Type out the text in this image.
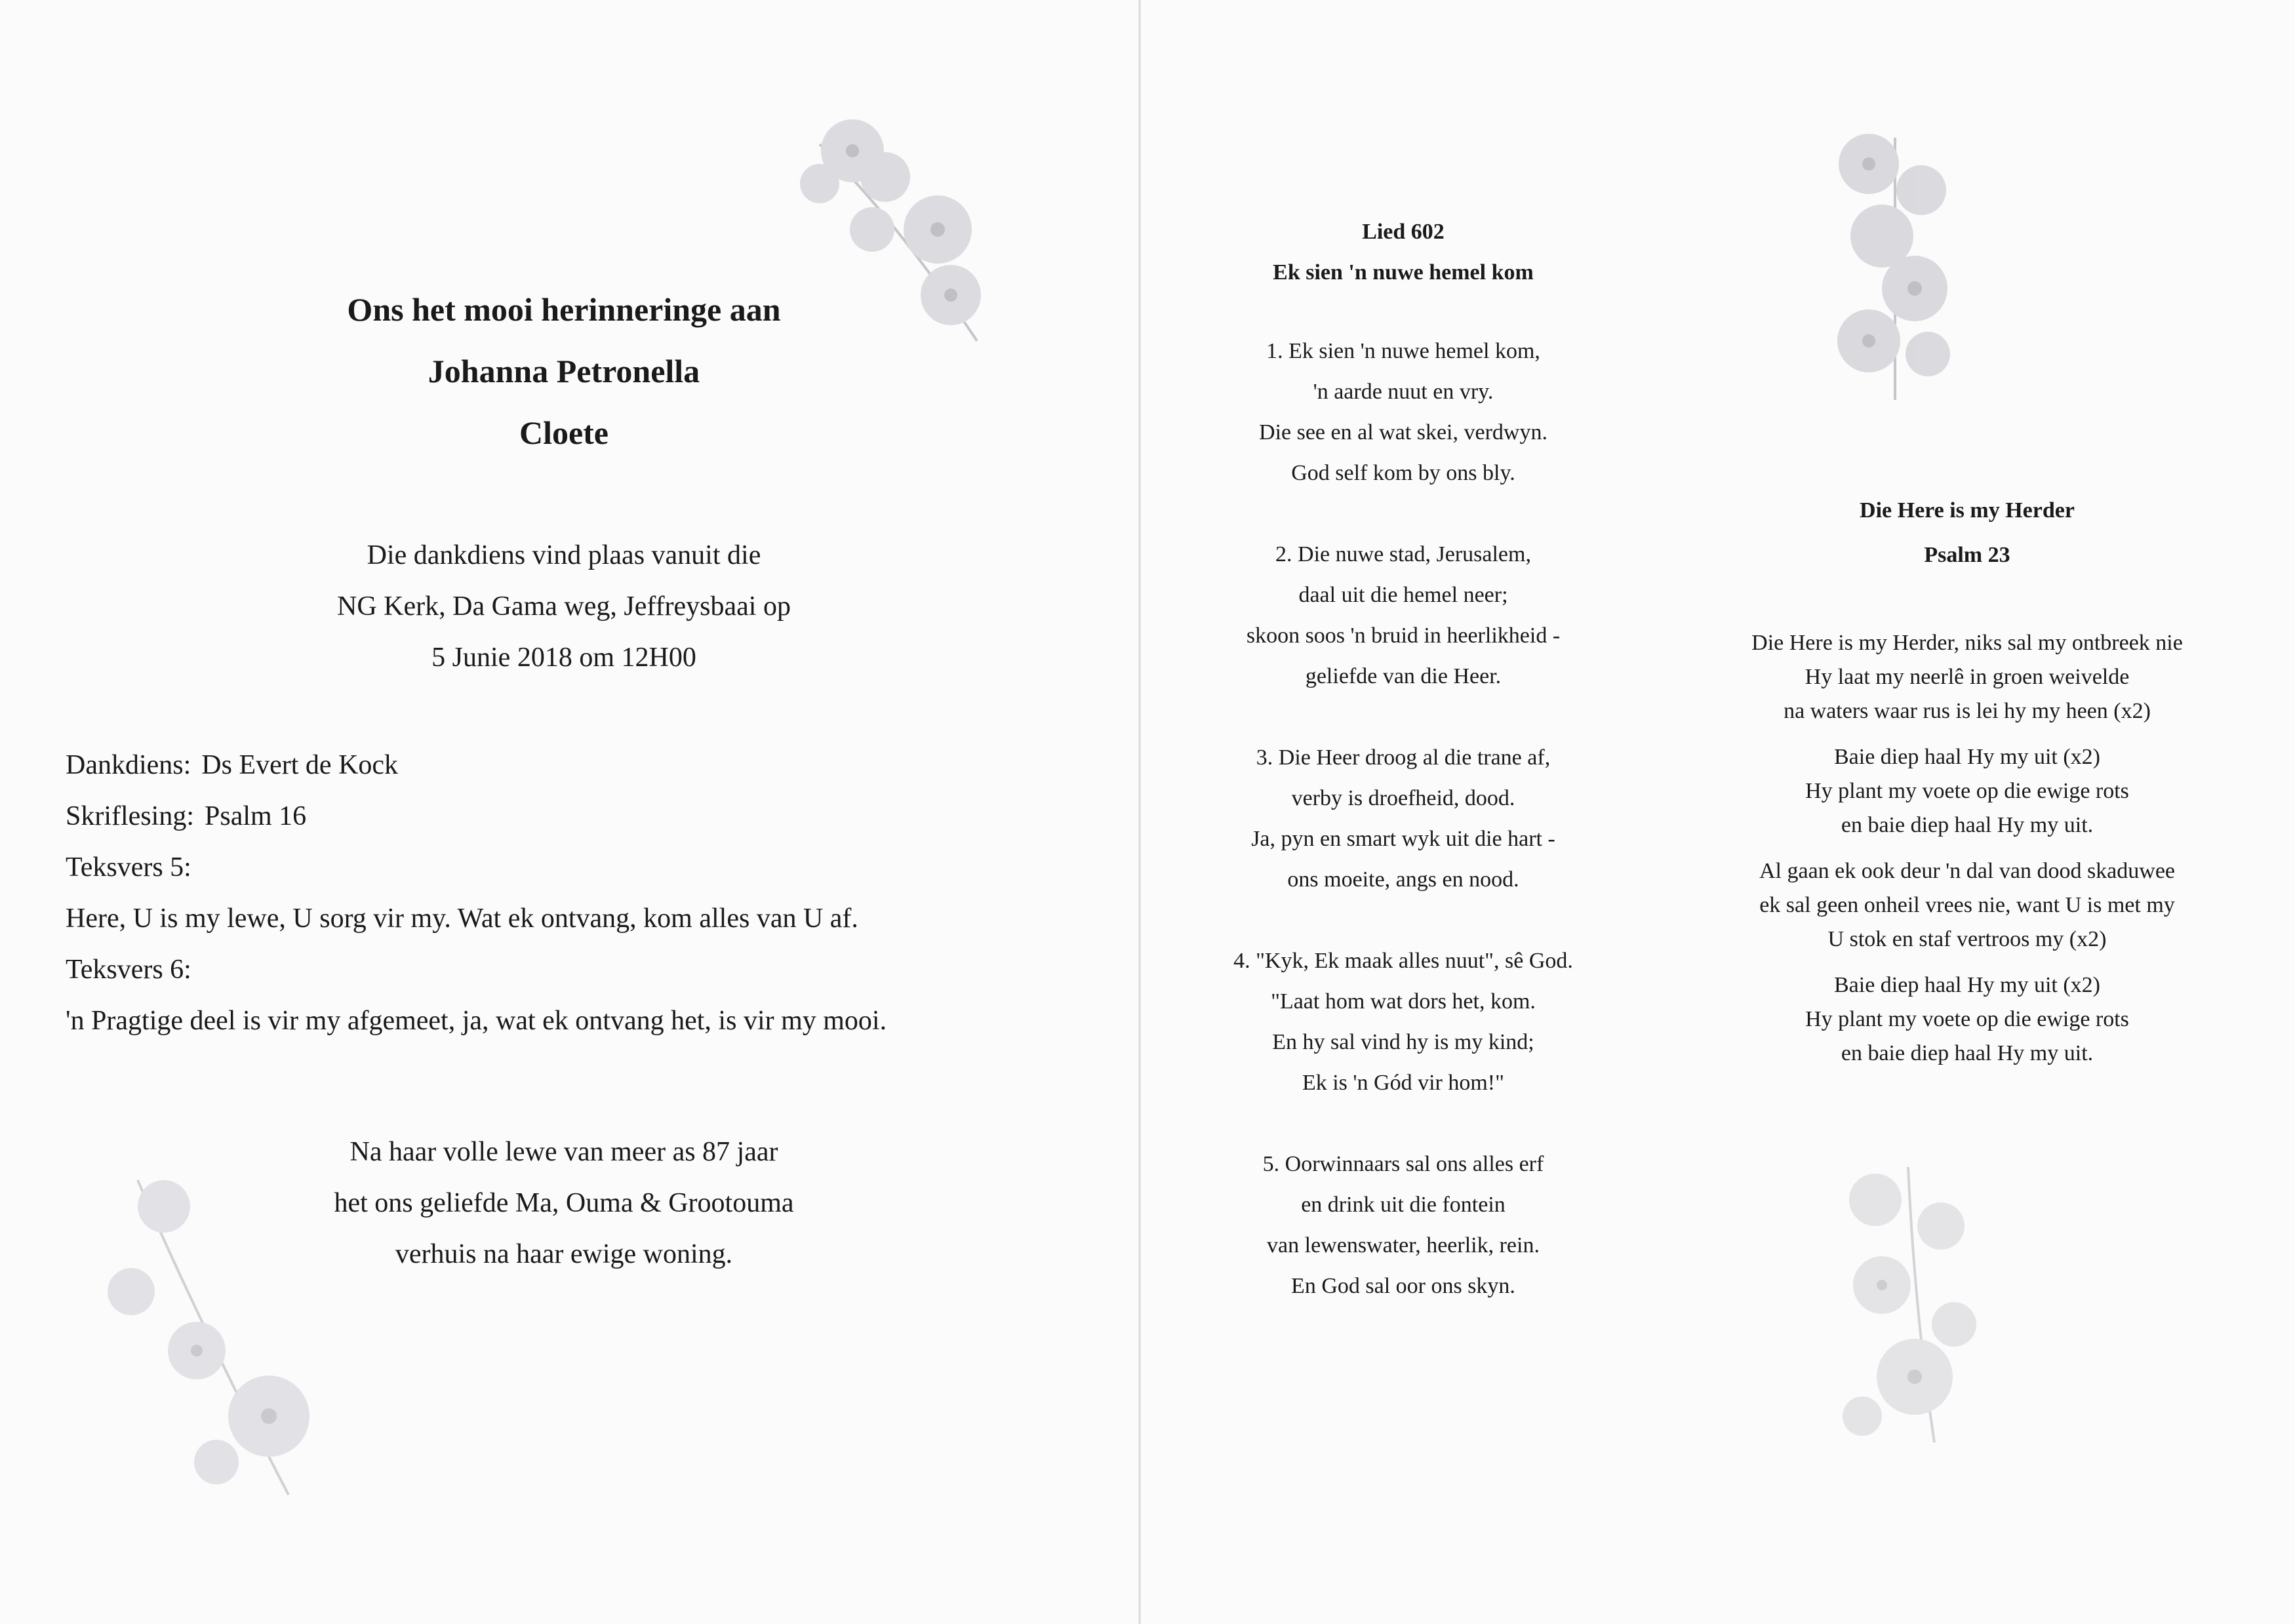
Ons het mooi herinneringe aan
Johanna Petronella
Cloete
Die dankdiens vind plaas vanuit die
NG Kerk, Da Gama weg, Jeffreysbaai op
5 Junie 2018 om 12H00
Dankdiens: Ds Evert de Kock
Skriflesing: Psalm 16
Teksvers 5:
Here, U is my lewe, U sorg vir my. Wat ek ontvang, kom alles van U af.
Teksvers 6:
'n Pragtige deel is vir my afgemeet, ja, wat ek ontvang het, is vir my mooi.
Na haar volle lewe van meer as 87 jaar
het ons geliefde Ma, Ouma & Grootouma
verhuis na haar ewige woning.
Lied 602
Ek sien 'n nuwe hemel kom
1. Ek sien 'n nuwe hemel kom,
'n aarde nuut en vry.
Die see en al wat skei, verdwyn.
God self kom by ons bly.
2. Die nuwe stad, Jerusalem,
daal uit die hemel neer;
skoon soos 'n bruid in heerlikheid -
geliefde van die Heer.
3. Die Heer droog al die trane af,
verby is droefheid, dood.
Ja, pyn en smart wyk uit die hart -
ons moeite, angs en nood.
4. "Kyk, Ek maak alles nuut", sê God.
"Laat hom wat dors het, kom.
En hy sal vind hy is my kind;
Ek is 'n Gód vir hom!"
5. Oorwinnaars sal ons alles erf
en drink uit die fontein
van lewenswater, heerlik, rein.
En God sal oor ons skyn.
Die Here is my Herder
Psalm 23
Die Here is my Herder, niks sal my ontbreek nie
Hy laat my neerlê in groen weivelde
na waters waar rus is lei hy my heen (x2)
Baie diep haal Hy my uit (x2)
Hy plant my voete op die ewige rots
en baie diep haal Hy my uit.
Al gaan ek ook deur 'n dal van dood skaduwee
ek sal geen onheil vrees nie, want U is met my
U stok en staf vertroos my (x2)
Baie diep haal Hy my uit (x2)
Hy plant my voete op die ewige rots
en baie diep haal Hy my uit.
